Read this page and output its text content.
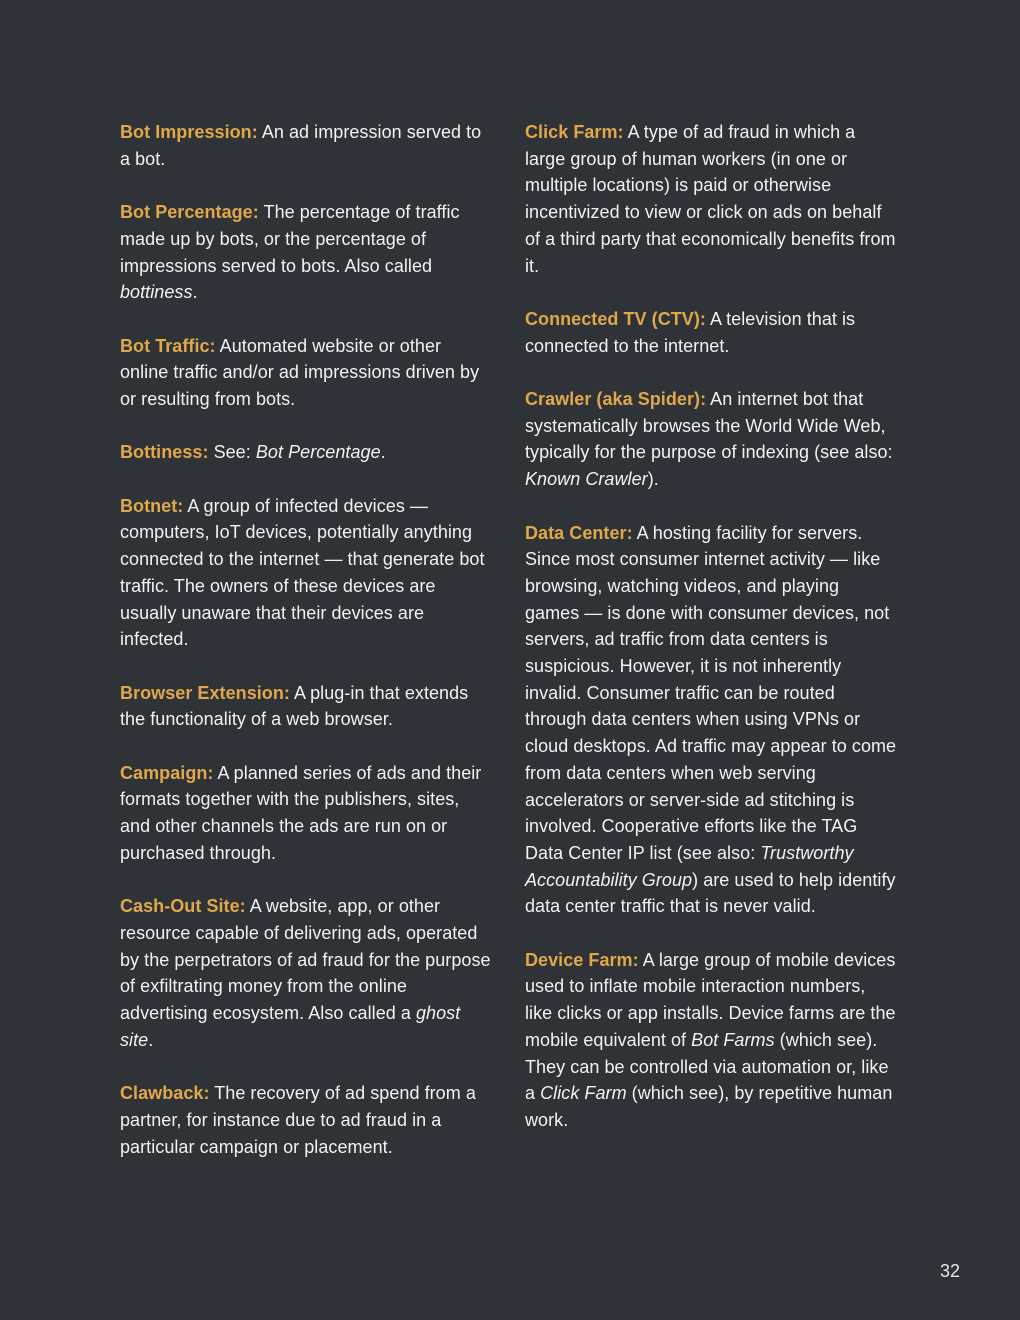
Bot Impression: An ad impression served to a bot.

Bot Percentage: The percentage of traffic made up by bots, or the percentage of impressions served to bots. Also called bottiness.

Bot Traffic: Automated website or other online traffic and/or ad impressions driven by or resulting from bots.

Bottiness: See: Bot Percentage.

Botnet: A group of infected devices — computers, IoT devices, potentially anything connected to the internet — that generate bot traffic. The owners of these devices are usually unaware that their devices are infected.

Browser Extension: A plug-in that extends the functionality of a web browser.

Campaign: A planned series of ads and their formats together with the publishers, sites, and other channels the ads are run on or purchased through.

Cash-Out Site: A website, app, or other resource capable of delivering ads, operated by the perpetrators of ad fraud for the purpose of exfiltrating money from the online advertising ecosystem. Also called a ghost site.

Clawback: The recovery of ad spend from a partner, for instance due to ad fraud in a particular campaign or placement.

Click Farm: A type of ad fraud in which a large group of human workers (in one or multiple locations) is paid or otherwise incentivized to view or click on ads on behalf of a third party that economically benefits from it.

Connected TV (CTV): A television that is connected to the internet.

Crawler (aka Spider): An internet bot that systematically browses the World Wide Web, typically for the purpose of indexing (see also: Known Crawler).

Data Center: A hosting facility for servers. Since most consumer internet activity — like browsing, watching videos, and playing games — is done with consumer devices, not servers, ad traffic from data centers is suspicious. However, it is not inherently invalid. Consumer traffic can be routed through data centers when using VPNs or cloud desktops. Ad traffic may appear to come from data centers when web serving accelerators or server-side ad stitching is involved. Cooperative efforts like the TAG Data Center IP list (see also: Trustworthy Accountability Group) are used to help identify data center traffic that is never valid.

Device Farm: A large group of mobile devices used to inflate mobile interaction numbers, like clicks or app installs. Device farms are the mobile equivalent of Bot Farms (which see). They can be controlled via automation or, like a Click Farm (which see), by repetitive human work.

32
